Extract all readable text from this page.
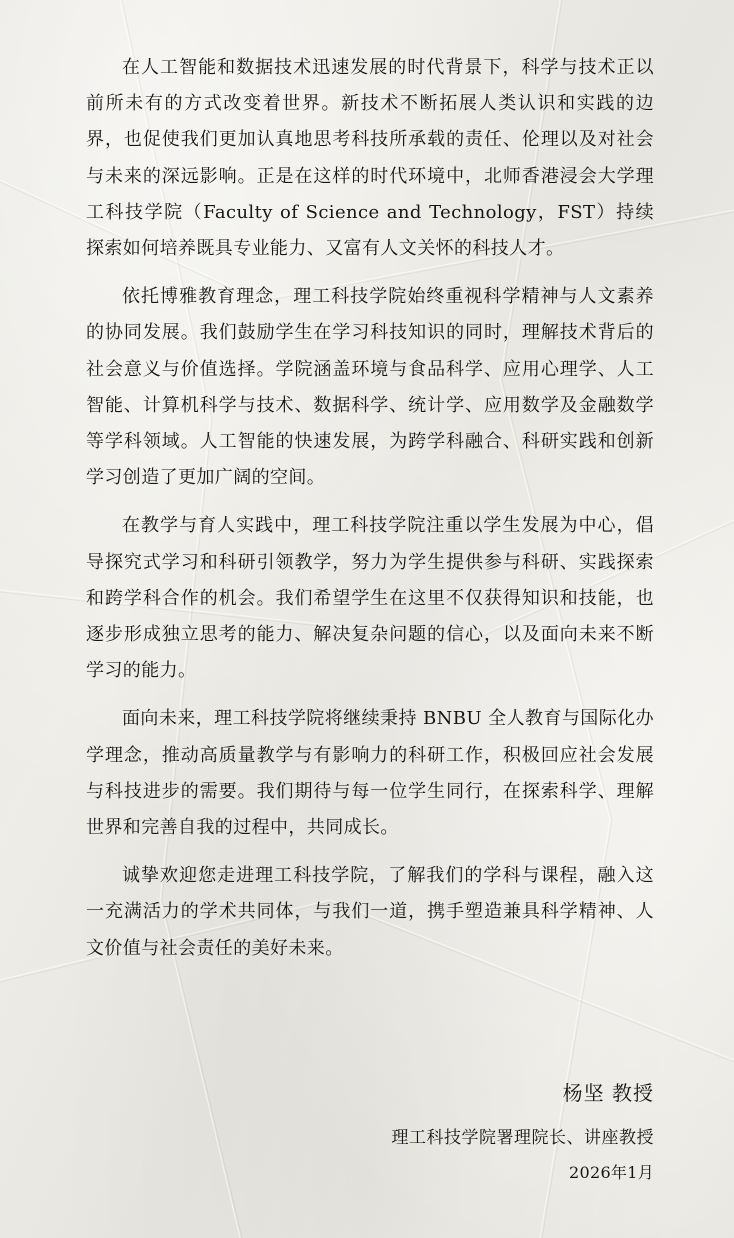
在人工智能和数据技术迅速发展的时代背景下，科学与技术正以前所未有的方式改变着世界。新技术不断拓展人类认识和实践的边界，也促使我们更加认真地思考科技所承载的责任、伦理以及对社会与未来的深远影响。正是在这样的时代环境中，北师香港浸会大学理工科技学院（Faculty of Science and Technology，FST）持续探索如何培养既具专业能力、又富有人文关怀的科技人才。

依托博雅教育理念，理工科技学院始终重视科学精神与人文素养的协同发展。我们鼓励学生在学习科技知识的同时，理解技术背后的社会意义与价值选择。学院涵盖环境与食品科学、应用心理学、人工智能、计算机科学与技术、数据科学、统计学、应用数学及金融数学等学科领域。人工智能的快速发展，为跨学科融合、科研实践和创新学习创造了更加广阔的空间。

在教学与育人实践中，理工科技学院注重以学生发展为中心，倡导探究式学习和科研引领教学，努力为学生提供参与科研、实践探索和跨学科合作的机会。我们希望学生在这里不仅获得知识和技能，也逐步形成独立思考的能力、解决复杂问题的信心，以及面向未来不断学习的能力。

面向未来，理工科技学院将继续秉持 BNBU 全人教育与国际化办学理念，推动高质量教学与有影响力的科研工作，积极回应社会发展与科技进步的需要。我们期待与每一位学生同行，在探索科学、理解世界和完善自我的过程中，共同成长。

诚挚欢迎您走进理工科技学院，了解我们的学科与课程，融入这一充满活力的学术共同体，与我们一道，携手塑造兼具科学精神、人文价值与社会责任的美好未来。

杨坚 教授
理工科技学院署理院长、讲座教授
2026年1月
